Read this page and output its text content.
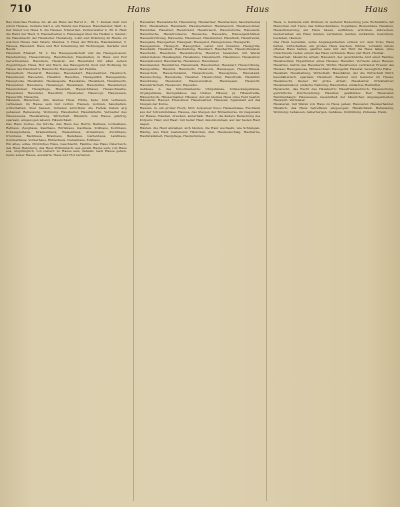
710	Hans	Haus	Haus

Bau manches Fleißes, hd, all ein Hans der Beruf d., . Bl. 7. Kamen statt und schön Hauses, mollene Kart a. ein Wanns des Hauses; Hausmeister, Wart. 4. Der Kunst von Hans 8. die Hauses. Nüsternen, Zeitverwalter b. Br. 8. Hast die Hand der Haut, 9. Hausarbeiten u. Haussiegel über die Heiken u. Kaufer; die Hausknecht der Hausleiter. Heinsberg, Lohn und Wohnung im Haufe, zu welchen Hause dem Vaters, Mannes. 3. Haus der Brücke, Hauskammer, 3. Hauses, Hausbart. Haus und Hof Schenkung mit Wohnungen, Darlehn und Besitz.

Haushalt, Ehehaft. M. 2. Die Hausgesellschaft und die Hausgenossen; Haushaltung, Hausordnung, Hausfrieden; Haushalten, in Haus und Hof Gerechtsamen, Haustiere, Hausrat, der Hausstand mit allen seinen Zugehörigen. Haus, Hof und Herd, das Hausgericht, Kost und Wohnung im Hause des Hausherrn; Hausrecht, Hausgesetz der Familie.

Hausarbeit, Hausarzt, Hausbau, Hausbedarf, Hausbesitzer, Hausbuch, Hausdiener, Hausehre, Hausflur, Hausfrau, Hausgeräth, Hausgesinde, Hausglocke, Haushahn, Hauskapelle, Hauskatze, Hauskleid, Hausknecht, Hauslehrer, Hausleute, Hausmagd, Hausmann, Hausmittel, Hausmutter, Hausnummer, Hauspflege, Hausrath, Hausschlüssel, Hausschwalbe, Hausstand, Haustafel, Hausthür, Hausvater, Hausvogt, Hauswesen, Hauswirth, Hauszins.

Häuslein, Häuschen; dim. kleines Haus. Hütte, Kate. Sich verhauen, verhausen, im Hause sein Gut vertun. Hausen, wohnen, haushalten, wirtschaften; übel hausen, Schaden anrichten; die Feinde haben arg gehauset. Behausung, Wohnung. Haushalter, Haushälterin, Verwalter des Hauswesens. Haushaltung, Wirtschaft. Häuslich, zum Hause gehörig, sparsam, eingezogen lebend. Häuslichkeit.

Das Haus Gottes, die Kirche; das Haus des Herrn; Bethaus, Gotteshaus, Rathaus, Zeughaus, Kaufhaus, Wirtshaus, Gasthaus, Zollhaus, Kornhaus, Schauspielhaus, Krankenhaus, Waisenhaus, Armenhaus, Zuchthaus, Irrenhaus, Backhaus, Brauhaus, Badehaus, Gartenhaus, Landhaus, Sommerhaus, Vorderhaus, Hinterhaus, Nebenhaus, Eckhaus.

Ein altes, edles, fürstliches Haus, Geschlecht, Familie; das Haus Österreich, das Haus Habsburg, das Haus Wittelsbach; aus gutem Hause sein; von Haus aus, ursprünglich, von Geburt; zu Hause sein, daheim; nach Hause gehen, heim; außer Hause, auswärts; Haus und Hof verlieren.

Hausaltar, Hausandacht, Hausanzug, Hausarmer, Hausbacken, hausbackenes Brot, Hausbalken, Hausbank, Hausbedienter, Hausbesuch, Hausbewohner, Hausbibel, Hausbier, Hausbrand, Hausbrauch, Hausbursche, Hausdach, Hausdrache, Hausdruckerei, Hausecke, Hausehre, Hauseigenthümer, Hauseinrichtung, Hausente, Hausfeuer, Hausfenster, Hausfleiß, Hausfreund, Hausgans, Hausgarten, Hausgast, Hausgeist, Hausgenosse, Hausgerät.

Hausgesinde, Hausgott, Hausgötter, Laren und Penaten; Hausgrille, Haushahn, Haushalt, Haushaltung, Hausherr, Hausherrin, Haushofmeister, Haushuhn, Haushund, Hausindustrie, Hausirer, hausieren, mit Waren umherziehen; Hauskaplan, Hauskatze, Hausknecht, Hauskreuz, Hauslehrer, Hausleinwand, Hausmarke, Hausmaus, Hausmeier.

Hausmeister, Hausmittel, Hausmusik, Hausmutter, Hausnarr, Hausordnung, Hauspostille, Hausrat, Hausrecht, Hausrock, Haussegen, Hausschlüssel, Hausschuh, Hausschwamm, Hausschwein, Hausspinne, Hausstand, Haussuchung, Haustaube, Haustier, Haustochter, Haustrunk, Hausthür, Hausübung, Hausvater, Hausverwalter, Hauswesen, Hauswirt, Hauswirtschaft, Hauswurz, Hauszins.

Gehäuse, n. das Umschließende; Uhrgehäuse, Schneckengehäuse, Orgelgehäuse, Kerngehäuse des Obstes. Häuser, pl. Häuserreihe, Häuserblock, Häusermakler. Häusler, der ein kleines Haus ohne Feld besitzt; Häuslerin. Hauser, Einwohner, Hausbesitzer. Haussier, Spekulant auf das Steigen der Kurse.

Hausen, m. ein großer Fisch, Stör, Acipenser huso; Hausenblase, Fischleim aus der Schwimmblase. Hausse, das Steigen der Börsenkurse, im Gegensatz zur Baisse. Haußen, draußen, außerhalb. Haut, f. die äußere Bedeckung des Körpers; Haut und Haar; mit heiler Haut davonkommen; auf der faulen Haut liegen.

Häuten, die Haut abziehen; sich häuten, die Haut wechseln, wie Schlangen. Häutig, aus Haut bestehend; Häutchen, dim. Hautausschlag, Hautfarbe, Hautkrankheit, Hautpflege, Hautschmiere.

Haus, n. Gebäude zum Wohnen; in weiterer Bedeutung jede Wohnstätte der Menschen und Tiere; das Schneckenhaus, Vogelhaus, Bienenhaus. Hausbau, Hauszimmerung; ein Haus bauen, aufführen, errichten, abbrechen, niederreißen; ein Haus mieten, vermieten, kaufen, verkaufen, bewohnen, beziehen, räumen.

Das Haus bestellen, seine Angelegenheiten ordnen vor dem Tode; Haus halten, wirtschaften; ein großes Haus machen, führen, vornehm leben; offenes Haus halten, gastfrei sein; mit der Thür ins Haus fallen, ohne Umschweife reden; einem das Haus verbieten; Haus und Herd, Heimat.

Hausarbeit, häusliche Arbeit; Hausarzt, der gewöhnliche Arzt einer Familie; Hausbesitzer, Eigentümer eines Hauses; Hausflur, Vorraum eines Hauses; Hausfrau, Gattin des Hausherrn, Wirtin; Hausfreund, vertrauter Freund des Hauses; Hausgenosse, Mitbewohner; Hausgerät, Hausrat, bewegliche Habe.

Haushalt, Haushaltung, Wirtschaft; Haushälter, der die Wirtschaft führt; haushälterisch, sparsam; Hausherr, Besitzer und Gebieter im Hause; Hausknecht, Diener für grobe Arbeit; Hauslehrer, Privatlehrer; Hausmannskost, einfache Nahrung; Hausmittel, einfaches Heilmittel.

Hausrecht, das Recht des Hausherrn; Hausfriedensbruch; Haussuchung, gerichtliche Durchsuchung; Haustier, gezähmtes Tier; Hausvater, Familienhaupt; Hauswesen, Gesamtheit der häuslichen Angelegenheiten; Hauswirt, Vermieter.

Hausieren, mit Waren von Haus zu Haus gehen; Hausierer, Hausierhandel. Häuslich, das Haus betreffend, eingezogen; Häuslichkeit. Behausung, Wohnung; behausen, beherbergen. Gehäuse, Umhüllung. Zuhause, Heim.
